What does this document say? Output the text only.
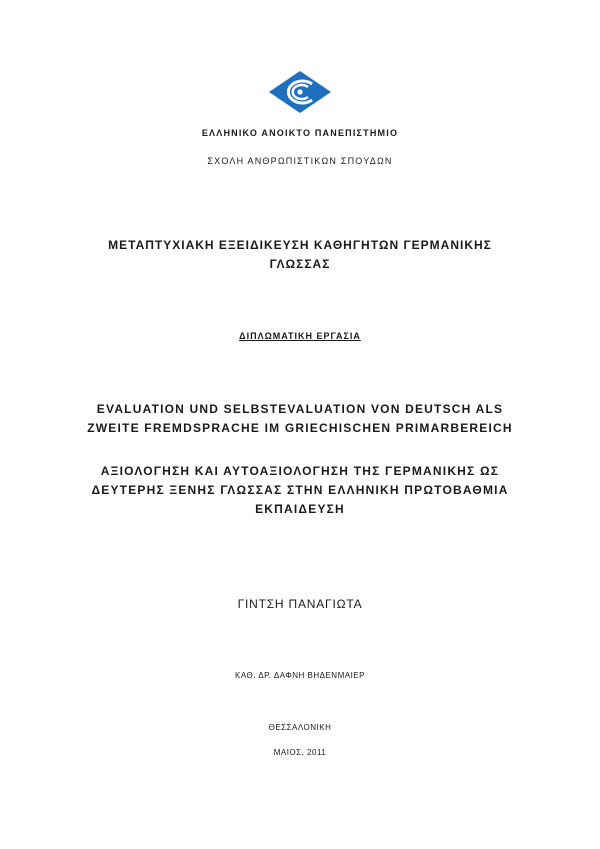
ΕΛΛΗΝΙΚΟ ΑΝΟΙΚΤΟ ΠΑΝΕΠΙΣΤΗΜΙΟ
ΣΧΟΛΗ ΑΝΘΡΩΠΙΣΤΙΚΩΝ ΣΠΟΥΔΩΝ
ΜΕΤΑΠΤΥΧΙΑΚΗ ΕΞΕΙΔΙΚΕΥΣΗ ΚΑΘΗΓΗΤΩΝ ΓΕΡΜΑΝΙΚΗΣ
ΓΛΩΣΣΑΣ
ΔΙΠΛΩΜΑΤΙΚΗ ΕΡΓΑΣΙΑ
EVALUATION UND SELBSTEVALUATION VON DEUTSCH ALS
ZWEITE FREMDSPRACHE IM GRIECHISCHEN PRIMARBEREICH
ΑΞΙΟΛΟΓΗΣΗ ΚΑΙ ΑΥΤΟΑΞΙΟΛΟΓΗΣΗ ΤΗΣ ΓΕΡΜΑΝΙΚΗΣ ΩΣ
ΔΕΥΤΕΡΗΣ ΞΕΝΗΣ ΓΛΩΣΣΑΣ ΣΤΗΝ ΕΛΛΗΝΙΚΗ ΠΡΩΤΟΒΑΘΜΙΑ
ΕΚΠΑΙΔΕΥΣΗ
ΓΙΝΤΣΗ ΠΑΝΑΓΙΩΤΑ
ΚΑΘ. ΔΡ. ΔΑΦΝΗ ΒΗΔΕΝΜΑΙΕΡ
ΘΕΣΣΑΛΟΝΙΚΗ
ΜΑΙΟΣ, 2011
